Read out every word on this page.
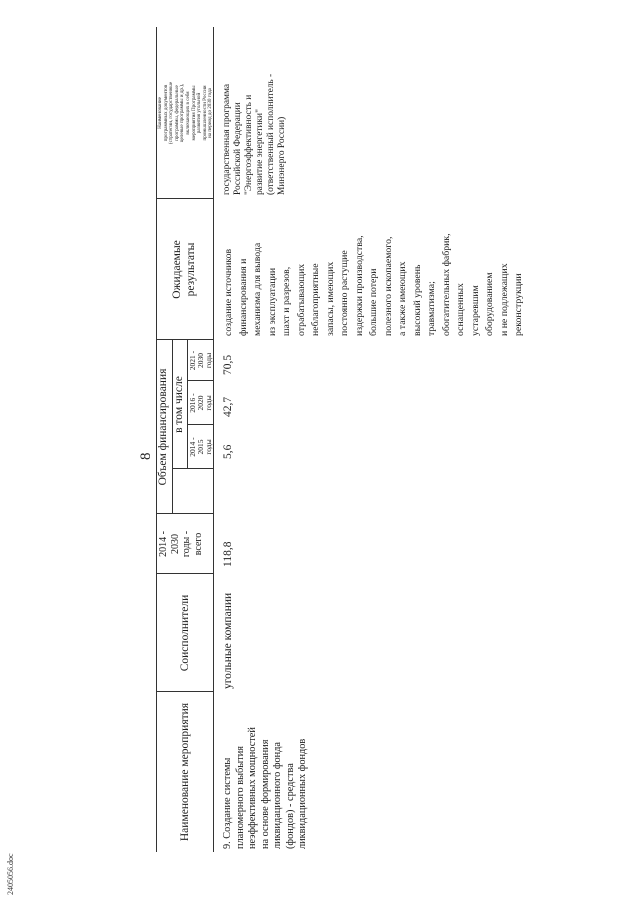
8
2405056.doc
Наименование мероприятия
Соисполнители
Объем финансирования
2014 -
2030
годы -
всего
в том числе
2014 -
2015
годы
2016 -
2020
годы
2021 -
2030
годы
Ожидаемые
результаты
Наименование
программных документов
(стратегии, государственные
программы, федеральные
целевые программы и др.),
включающих в себя
мероприятия Программы
развития угольной
промышленности России
на период до 2030 года
9. Создание системы
планомерного выбытия
неэффективных мощностей
на основе формирования
ликвидационного фонда
(фондов) - средства
ликвидационных фондов
угольные компании
118,8
5,6
42,7
70,5
создание источников
финансирования и
механизма для вывода
из эксплуатации
шахт и разрезов,
отрабатывающих
неблагоприятные
запасы, имеющих
постоянно растущие
издержки производства,
большие потери
полезного ископаемого,
а также имеющих
высокий уровень
травматизма;
обогатительных фабрик,
оснащенных
устаревшим
оборудованием
и не подлежащих
реконструкции
государственная программа
Российской Федерации
"Энергоэффективность и
развитие энергетики"
(ответственный исполнитель -
Минэнерго России)
